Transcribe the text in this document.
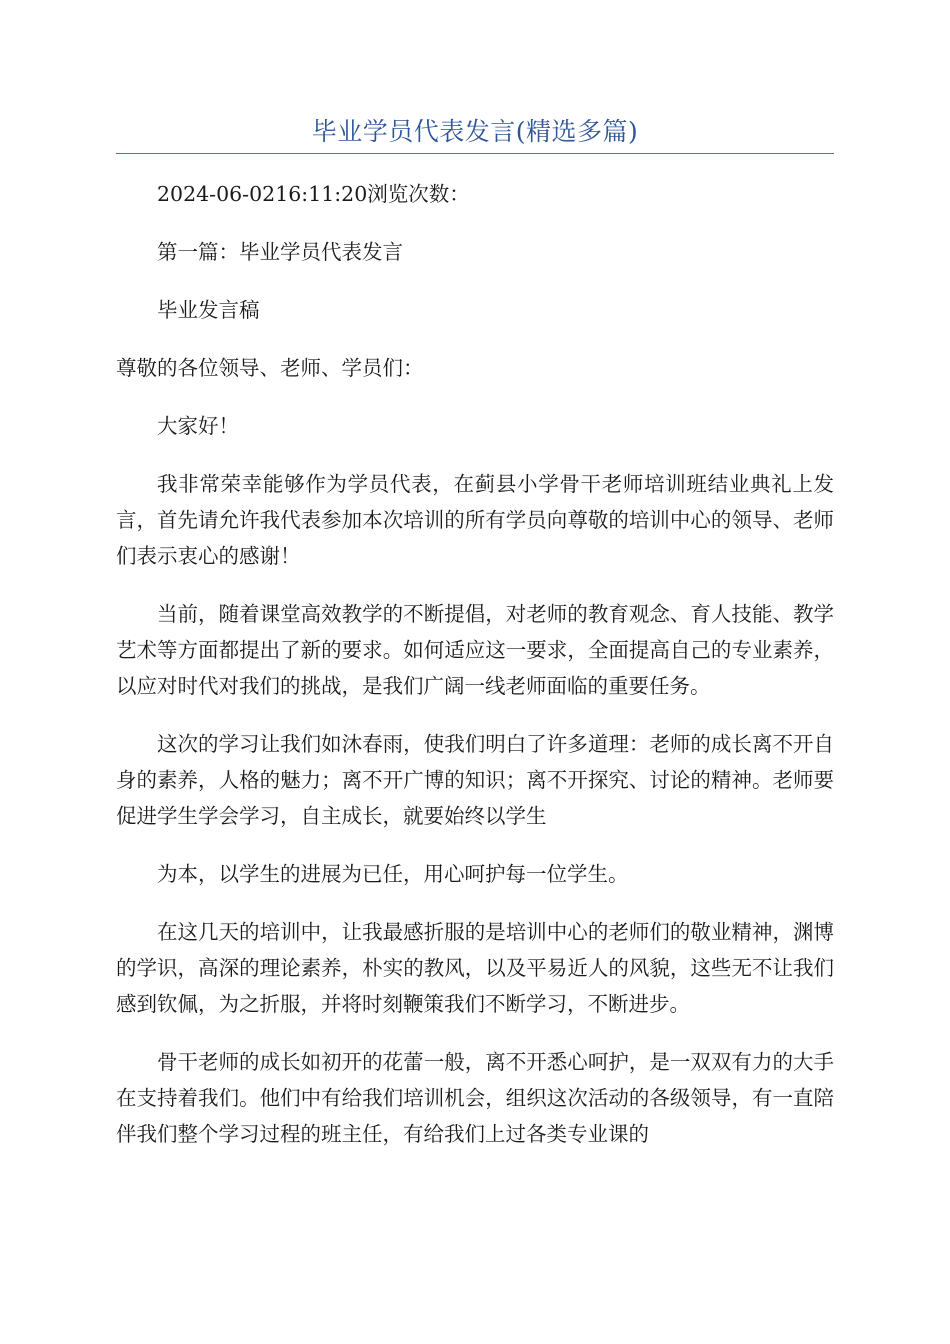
毕业学员代表发言(精选多篇)

2024-06-0216:11:20浏览次数：

第一篇：毕业学员代表发言

毕业发言稿

尊敬的各位领导、老师、学员们：

大家好！

我非常荣幸能够作为学员代表，在蓟县小学骨干老师培训班结业典礼上发言，首先请允许我代表参加本次培训的所有学员向尊敬的培训中心的领导、老师们表示衷心的感谢！

当前，随着课堂高效教学的不断提倡，对老师的教育观念、育人技能、教学艺术等方面都提出了新的要求。如何适应这一要求，全面提高自己的专业素养，以应对时代对我们的挑战，是我们广阔一线老师面临的重要任务。

这次的学习让我们如沐春雨，使我们明白了许多道理：老师的成长离不开自身的素养，人格的魅力；离不开广博的知识；离不开探究、讨论的精神。老师要促进学生学会学习，自主成长，就要始终以学生

为本，以学生的进展为已任，用心呵护每一位学生。

在这几天的培训中，让我最感折服的是培训中心的老师们的敬业精神，渊博的学识，高深的理论素养，朴实的教风，以及平易近人的风貌，这些无不让我们感到钦佩，为之折服，并将时刻鞭策我们不断学习，不断进步。

骨干老师的成长如初开的花蕾一般，离不开悉心呵护，是一双双有力的大手在支持着我们。他们中有给我们培训机会，组织这次活动的各级领导，有一直陪伴我们整个学习过程的班主任，有给我们上过各类专业课的
